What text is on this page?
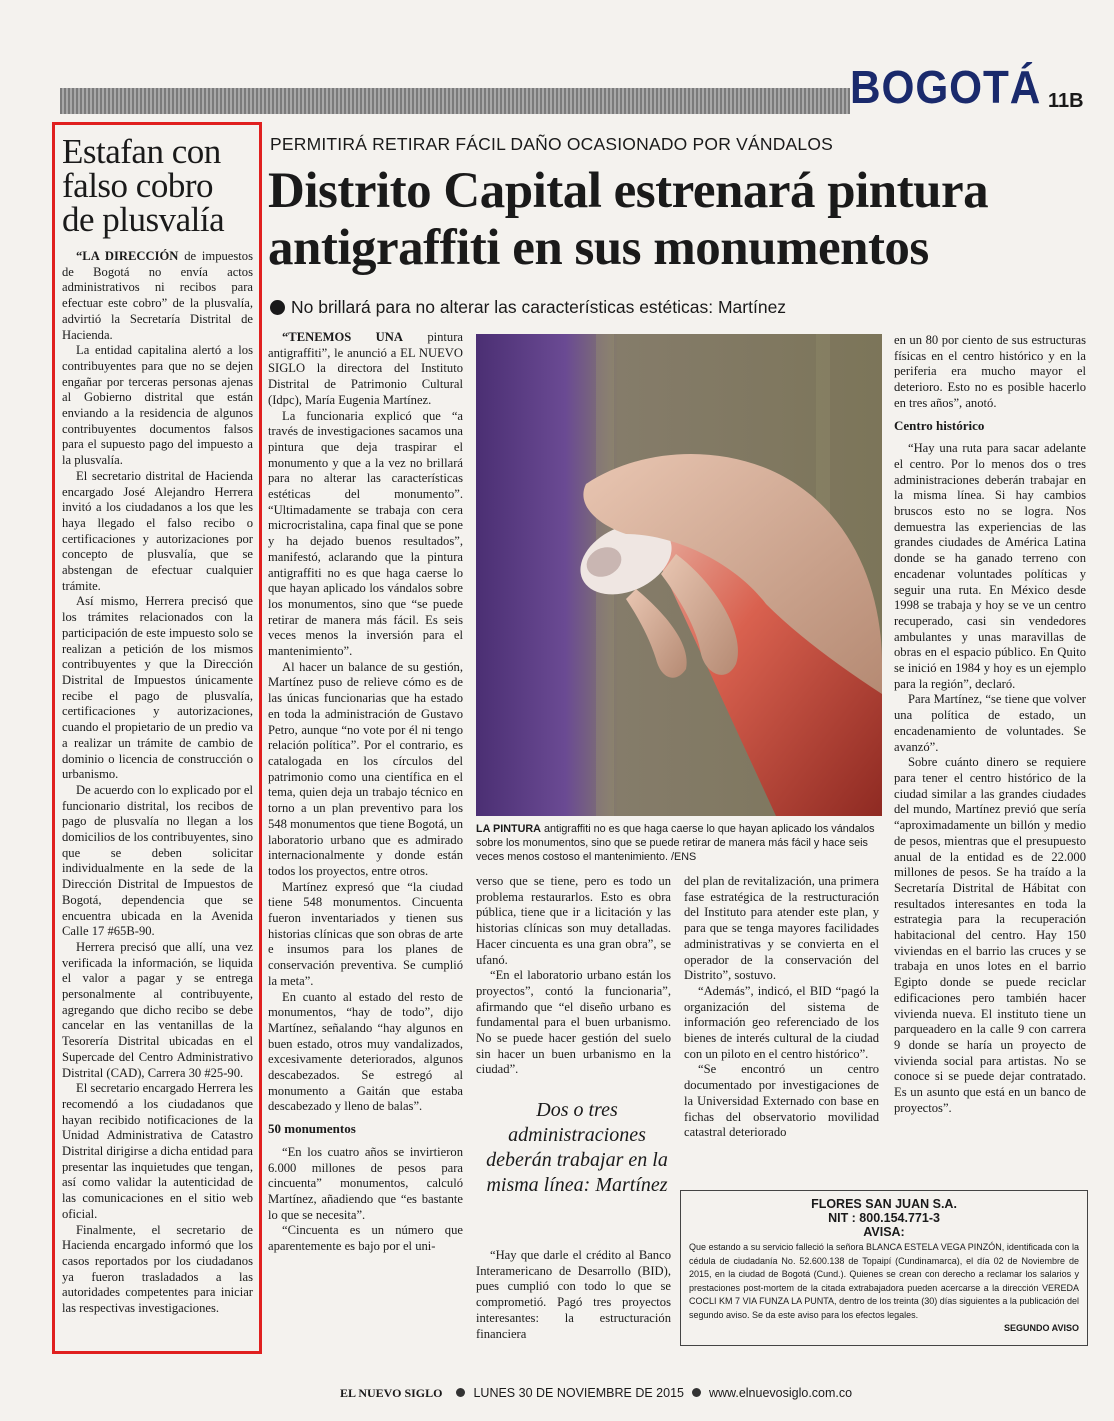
BOGOTÁ 11B
Estafan con falso cobro de plusvalía

“LA DIRECCIÓN de impuestos de Bogotá no envía actos administrativos ni recibos para efectuar este cobro” de la plusvalía, advirtió la Secretaría Distrital de Hacienda.

La entidad capitalina alertó a los contribuyentes para que no se dejen engañar por terceras personas ajenas al Gobierno distrital que están enviando a la residencia de algunos contribuyentes documentos falsos para el supuesto pago del impuesto a la plusvalía.

El secretario distrital de Hacienda encargado José Alejandro Herrera invitó a los ciudadanos a los que les haya llegado el falso recibo o certificaciones y autorizaciones por concepto de plusvalía, que se abstengan de efectuar cualquier trámite.

Así mismo, Herrera precisó que los trámites relacionados con la participación de este impuesto solo se realizan a petición de los mismos contribuyentes y que la Dirección Distrital de Impuestos únicamente recibe el pago de plusvalía, certificaciones y autorizaciones, cuando el propietario de un predio va a realizar un trámite de cambio de dominio o licencia de construcción o urbanismo.

De acuerdo con lo explicado por el funcionario distrital, los recibos de pago de plusvalía no llegan a los domicilios de los contribuyentes, sino que se deben solicitar individualmente en la sede de la Dirección Distrital de Impuestos de Bogotá, dependencia que se encuentra ubicada en la Avenida Calle 17 #65B-90.

Herrera precisó que allí, una vez verificada la información, se liquida el valor a pagar y se entrega personalmente al contribuyente, agregando que dicho recibo se debe cancelar en las ventanillas de la Tesorería Distrital ubicadas en el Supercade del Centro Administrativo Distrital (CAD), Carrera 30 #25-90.

El secretario encargado Herrera les recomendó a los ciudadanos que hayan recibido notificaciones de la Unidad Administrativa de Catastro Distrital dirigirse a dicha entidad para presentar las inquietudes que tengan, así como validar la autenticidad de las comunicaciones en el sitio web oficial.

Finalmente, el secretario de Hacienda encargado informó que los casos reportados por los ciudadanos ya fueron trasladados a las autoridades competentes para iniciar las respectivas investigaciones.

PERMITIRÁ RETIRAR FÁCIL DAÑO OCASIONADO POR VÁNDALOS
Distrito Capital estrenará pintura antigraffiti en sus monumentos
No brillará para no alterar las características estéticas: Martínez

“TENEMOS UNA pintura antigraffiti”, le anunció a EL NUEVO SIGLO la directora del Instituto Distrital de Patrimonio Cultural (Idpc), María Eugenia Martínez.

La funcionaria explicó que “a través de investigaciones sacamos una pintura que deja traspirar el monumento y que a la vez no brillará para no alterar las características estéticas del monumento”. “Ultimadamente se trabaja con cera microcristalina, capa final que se pone y ha dejado buenos resultados”, manifestó, aclarando que la pintura antigraffiti no es que haga caerse lo que hayan aplicado los vándalos sobre los monumentos, sino que “se puede retirar de manera más fácil. Es seis veces menos la inversión para el mantenimiento”.

Al hacer un balance de su gestión, Martínez puso de relieve cómo es de las únicas funcionarias que ha estado en toda la administración de Gustavo Petro, aunque “no vote por él ni tengo relación política”. Por el contrario, es catalogada en los círculos del patrimonio como una científica en el tema, quien deja un trabajo técnico en torno a un plan preventivo para los 548 monumentos que tiene Bogotá, un laboratorio urbano que es admirado internacionalmente y donde están todos los proyectos, entre otros.

Martínez expresó que “la ciudad tiene 548 monumentos. Cincuenta fueron inventariados y tienen sus historias clínicas que son obras de arte e insumos para los planes de conservación preventiva. Se cumplió la meta”.

En cuanto al estado del resto de monumentos, “hay de todo”, dijo Martínez, señalando “hay algunos en buen estado, otros muy vandalizados, excesivamente deteriorados, algunos descabezados. Se estregó al monumento a Gaitán que estaba descabezado y lleno de balas”.

50 monumentos

“En los cuatro años se invirtieron 6.000 millones de pesos para cincuenta” monumentos, calculó Martínez, añadiendo que “es bastante lo que se necesita”.

“Cincuenta es un número que aparentemente es bajo por el uni-

LA PINTURA antigraffiti no es que haga caerse lo que hayan aplicado los vándalos sobre los monumentos, sino que se puede retirar de manera más fácil y hace seis veces menos costoso el mantenimiento. /ENS

verso que se tiene, pero es todo un problema restaurarlos. Esto es obra pública, tiene que ir a licitación y las historias clínicas son muy detalladas. Hacer cincuenta es una gran obra”, se ufanó.

“En el laboratorio urbano están los proyectos”, contó la funcionaria”, afirmando que “el diseño urbano es fundamental para el buen urbanismo. No se puede hacer gestión del suelo sin hacer un buen urbanismo en la ciudad”.

Dos o tres administraciones deberán trabajar en la misma línea: Martínez

“Hay que darle el crédito al Banco Interamericano de Desarrollo (BID), pues cumplió con todo lo que se comprometió. Pagó tres proyectos interesantes: la estructuración financiera

del plan de revitalización, una primera fase estratégica de la restructuración del Instituto para atender este plan, y para que se tenga mayores facilidades administrativas y se convierta en el operador de la conservación del Distrito”, sostuvo.

“Además”, indicó, el BID “pagó la organización del sistema de información geo referenciado de los bienes de interés cultural de la ciudad con un piloto en el centro histórico”.

“Se encontró un centro documentado por investigaciones de la Universidad Externado con base en fichas del observatorio movilidad catastral deteriorado

en un 80 por ciento de sus estructuras físicas en el centro histórico y en la periferia era mucho mayor el deterioro. Esto no es posible hacerlo en tres años”, anotó.

Centro histórico

“Hay una ruta para sacar adelante el centro. Por lo menos dos o tres administraciones deberán trabajar en la misma línea. Si hay cambios bruscos esto no se logra. Nos demuestra las experiencias de las grandes ciudades de América Latina donde se ha ganado terreno con encadenar voluntades políticas y seguir una ruta. En México desde 1998 se trabaja y hoy se ve un centro recuperado, casi sin vendedores ambulantes y unas maravillas de obras en el espacio público. En Quito se inició en 1984 y hoy es un ejemplo para la región”, declaró.

Para Martínez, “se tiene que volver una política de estado, un encadenamiento de voluntades. Se avanzó”.

Sobre cuánto dinero se requiere para tener el centro histórico de la ciudad similar a las grandes ciudades del mundo, Martínez previó que sería “aproximadamente un billón y medio de pesos, mientras que el presupuesto anual de la entidad es de 22.000 millones de pesos. Se ha traído a la Secretaría Distrital de Hábitat con resultados interesantes en toda la estrategia para la recuperación habitacional del centro. Hay 150 viviendas en el barrio las cruces y se trabaja en unos lotes en el barrio Egipto donde se puede reciclar edificaciones pero también hacer vivienda nueva. El instituto tiene un parqueadero en la calle 9 con carrera 9 donde se haría un proyecto de vivienda social para artistas. No se conoce si se puede dejar contratado. Es un asunto que está en un banco de proyectos”.

FLORES SAN JUAN S.A.
NIT : 800.154.771-3
AVISA:
Que estando a su servicio falleció la señora BLANCA ESTELA VEGA PINZÓN, identificada con la cédula de ciudadanía No. 52.600.138 de Topaipí (Cundinamarca), el día 02 de Noviembre de 2015, en la ciudad de Bogotá (Cund.). Quienes se crean con derecho a reclamar los salarios y prestaciones post-mortem de la citada extrabajadora pueden acercarse a la dirección VEREDA COCLI KM 7 VIA FUNZA LA PUNTA, dentro de los treinta (30) días siguientes a la publicación del segundo aviso. Se da este aviso para los efectos legales.
SEGUNDO AVISO
EL NUEVO SIGLO LUNES 30 DE NOVIEMBRE DE 2015 www.elnuevosiglo.com.co
